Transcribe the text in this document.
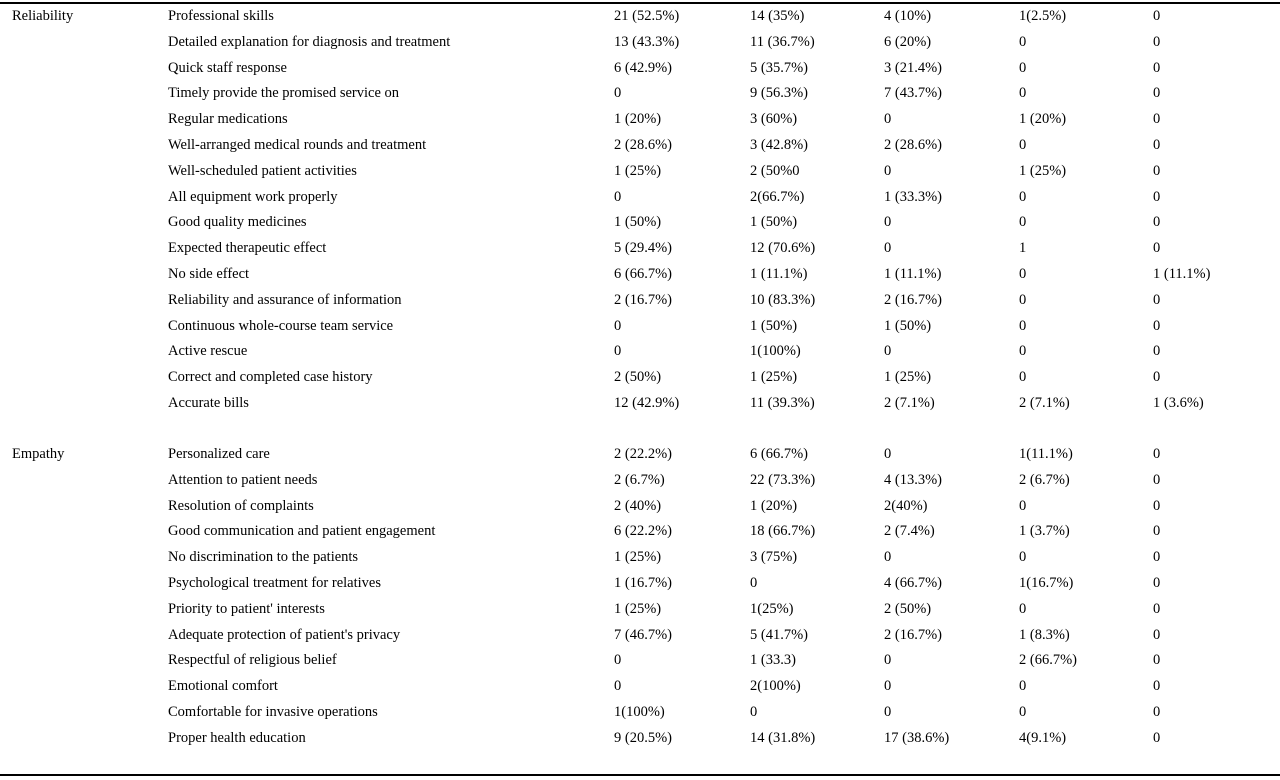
Reliability	Professional skills	21 (52.5%)	14 (35%)	4 (10%)	1(2.5%)	0
Detailed explanation for diagnosis and treatment	13 (43.3%)	11 (36.7%)	6 (20%)	0	0
Quick staff response	6 (42.9%)	5 (35.7%)	3 (21.4%)	0	0
Timely provide the promised service on	0	9 (56.3%)	7 (43.7%)	0	0
Regular medications	1 (20%)	3 (60%)	0	1 (20%)	0
Well-arranged medical rounds and treatment	2 (28.6%)	3 (42.8%)	2 (28.6%)	0	0
Well-scheduled patient activities	1 (25%)	2 (50%0	0	1 (25%)	0
All equipment work properly	0	2(66.7%)	1 (33.3%)	0	0
Good quality medicines	1 (50%)	1 (50%)	0	0	0
Expected therapeutic effect	5 (29.4%)	12 (70.6%)	0	1	0
No side effect	6 (66.7%)	1 (11.1%)	1 (11.1%)	0	1 (11.1%)
Reliability and assurance of information	2 (16.7%)	10 (83.3%)	2 (16.7%)	0	0
Continuous whole-course team service	0	1 (50%)	1 (50%)	0	0
Active rescue	0	1(100%)	0	0	0
Correct and completed case history	2 (50%)	1 (25%)	1 (25%)	0	0
Accurate bills	12 (42.9%)	11 (39.3%)	2 (7.1%)	2 (7.1%)	1 (3.6%)
Empathy	Personalized care	2 (22.2%)	6 (66.7%)	0	1(11.1%)	0
Attention to patient needs	2 (6.7%)	22 (73.3%)	4 (13.3%)	2 (6.7%)	0
Resolution of complaints	2 (40%)	1 (20%)	2(40%)	0	0
Good communication and patient engagement	6 (22.2%)	18 (66.7%)	2 (7.4%)	1 (3.7%)	0
No discrimination to the patients	1 (25%)	3 (75%)	0	0	0
Psychological treatment for relatives	1 (16.7%)	0	4 (66.7%)	1(16.7%)	0
Priority to patient' interests	1 (25%)	1(25%)	2 (50%)	0	0
Adequate protection of patient's privacy	7 (46.7%)	5 (41.7%)	2 (16.7%)	1 (8.3%)	0
Respectful of religious belief	0	1 (33.3)	0	2 (66.7%)	0
Emotional comfort	0	2(100%)	0	0	0
Comfortable for invasive operations	1(100%)	0	0	0	0
Proper health education	9 (20.5%)	14 (31.8%)	17 (38.6%)	4(9.1%)	0
